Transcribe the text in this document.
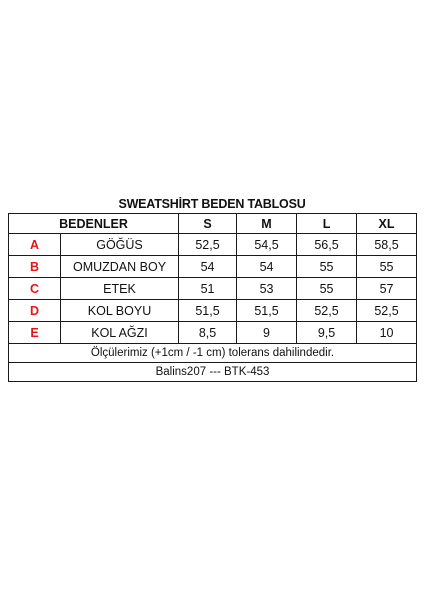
SWEATSHİRT BEDEN TABLOSU
BEDENLER		S	M	L	XL
A	GÖĞÜS	52,5	54,5	56,5	58,5
B	OMUZDAN BOY	54	54	55	55
C	ETEK	51	53	55	57
D	KOL BOYU	51,5	51,5	52,5	52,5
E	KOL AĞZI	8,5	9	9,5	10
Ölçülerimiz (+1cm / -1 cm) tolerans dahilindedir.					
Balins207 --- BTK-453					
